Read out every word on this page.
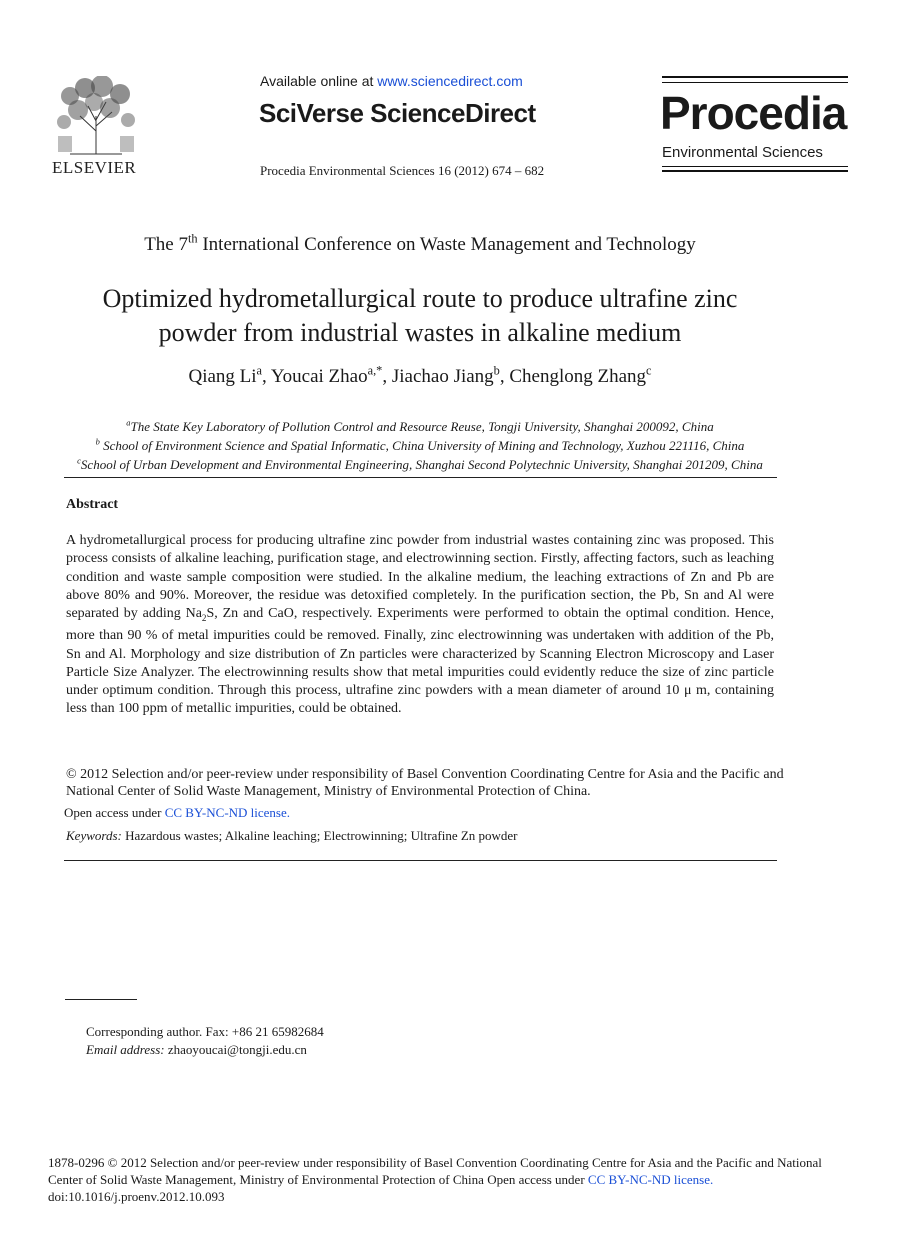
ELSEVIER
Available online at www.sciencedirect.com
SciVerse ScienceDirect
Procedia Environmental Sciences 16 (2012) 674 – 682
Procedia
Environmental Sciences
The 7th International Conference on Waste Management and Technology
Optimized hydrometallurgical route to produce ultrafine zinc
powder from industrial wastes in alkaline medium
Qiang Li$^a$, Youcai Zhao$^{a,*}$, Jiachao Jiang$^b$, Chenglong Zhang$^c$
$^a$The State Key Laboratory of Pollution Control and Resource Reuse, Tongji University, Shanghai 200092, China
$^b$ School of Environment Science and Spatial Informatic, China University of Mining and Technology, Xuzhou 221116, China
$^c$School of Urban Development and Environmental Engineering, Shanghai Second Polytechnic University, Shanghai 201209, China
Abstract
A hydrometallurgical process for producing ultrafine zinc powder from industrial wastes containing zinc was proposed. This process consists of alkaline leaching, purification stage, and electrowinning section. Firstly, affecting factors, such as leaching condition and waste sample composition were studied. In the alkaline medium, the leaching extractions of Zn and Pb are above 80% and 90%. Moreover, the residue was detoxified completely. In the purification section, the Pb, Sn and Al were separated by adding $Na_2S$, Zn and CaO, respectively. Experiments were performed to obtain the optimal condition. Hence, more than 90 % of metal impurities could be removed. Finally, zinc electrowinning was undertaken with addition of the Pb, Sn and Al. Morphology and size distribution of Zn particles were characterized by Scanning Electron Microscopy and Laser Particle Size Analyzer. The electrowinning results show that metal impurities could evidently reduce the size of zinc particle under optimum condition. Through this process, ultrafine zinc powders with a mean diameter of around 10 μ m, containing less than 100 ppm of metallic impurities, could be obtained.
© 2012 Selection and/or peer-review under responsibility of Basel Convention Coordinating Centre for Asia and the Pacific and National Center of Solid Waste Management, Ministry of Environmental Protection of China.
Open access under CC BY-NC-ND license.
Keywords: Hazardous wastes; Alkaline leaching; Electrowinning; Ultrafine Zn powder
Corresponding author. Fax: +86 21 65982684
Email address: zhaoyoucai@tongji.edu.cn
1878-0296 © 2012 Selection and/or peer-review under responsibility of Basel Convention Coordinating Centre for Asia and the Pacific and National Center of Solid Waste Management, Ministry of Environmental Protection of China Open access under CC BY-NC-ND license.
doi:10.1016/j.proenv.2012.10.093
